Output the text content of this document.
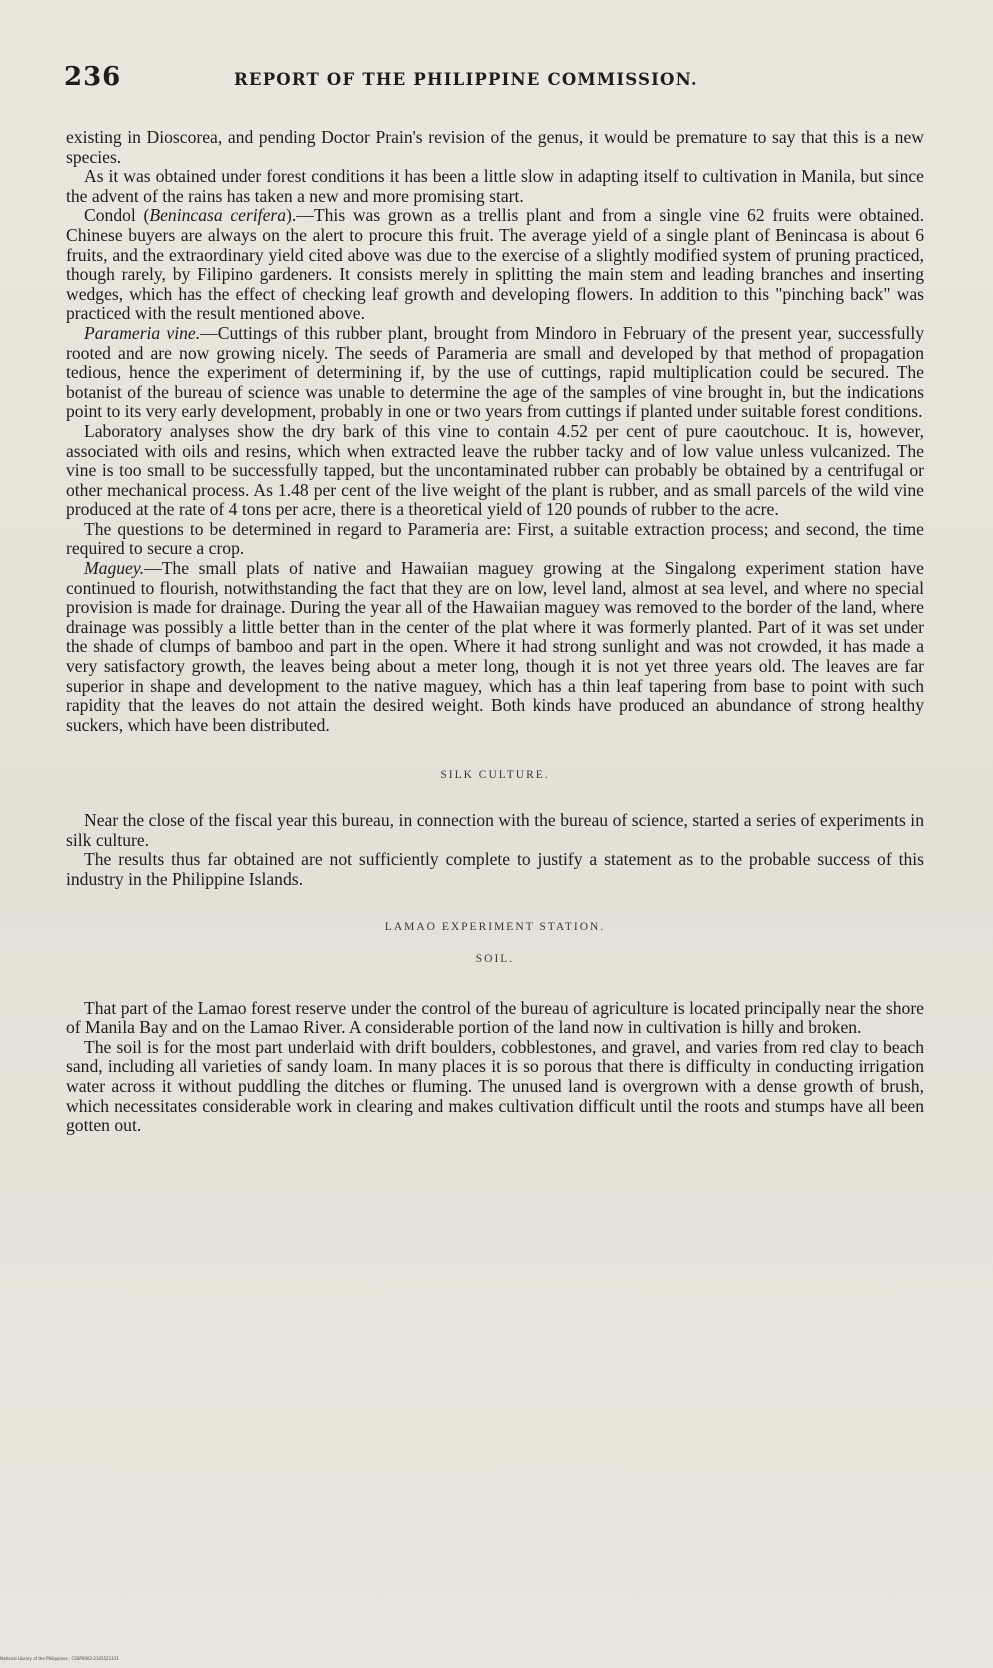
236	REPORT OF THE PHILIPPINE COMMISSION.

existing in Dioscorea, and pending Doctor Prain's revision of the genus, it would be premature to say that this is a new species.

As it was obtained under forest conditions it has been a little slow in adapting itself to cultivation in Manila, but since the advent of the rains has taken a new and more promising start.

Condol (Benincasa cerifera).—This was grown as a trellis plant and from a single vine 62 fruits were obtained. Chinese buyers are always on the alert to procure this fruit. The average yield of a single plant of Benincasa is about 6 fruits, and the extraordinary yield cited above was due to the exercise of a slightly modified system of pruning practiced, though rarely, by Filipino gardeners. It consists merely in splitting the main stem and leading branches and inserting wedges, which has the effect of checking leaf growth and developing flowers. In addition to this "pinching back" was practiced with the result mentioned above.

Parameria vine.—Cuttings of this rubber plant, brought from Mindoro in February of the present year, successfully rooted and are now growing nicely. The seeds of Parameria are small and developed by that method of propagation tedious, hence the experiment of determining if, by the use of cuttings, rapid multiplication could be secured. The botanist of the bureau of science was unable to determine the age of the samples of vine brought in, but the indications point to its very early development, probably in one or two years from cuttings if planted under suitable forest conditions.

Laboratory analyses show the dry bark of this vine to contain 4.52 per cent of pure caoutchouc. It is, however, associated with oils and resins, which when extracted leave the rubber tacky and of low value unless vulcanized. The vine is too small to be successfully tapped, but the uncontaminated rubber can probably be obtained by a centrifugal or other mechanical process. As 1.48 per cent of the live weight of the plant is rubber, and as small parcels of the wild vine produced at the rate of 4 tons per acre, there is a theoretical yield of 120 pounds of rubber to the acre.

The questions to be determined in regard to Parameria are: First, a suitable extraction process; and second, the time required to secure a crop.

Maguey.—The small plats of native and Hawaiian maguey growing at the Singalong experiment station have continued to flourish, notwithstanding the fact that they are on low, level land, almost at sea level, and where no special provision is made for drainage. During the year all of the Hawaiian maguey was removed to the border of the land, where drainage was possibly a little better than in the center of the plat where it was formerly planted. Part of it was set under the shade of clumps of bamboo and part in the open. Where it had strong sunlight and was not crowded, it has made a very satisfactory growth, the leaves being about a meter long, though it is not yet three years old. The leaves are far superior in shape and development to the native maguey, which has a thin leaf tapering from base to point with such rapidity that the leaves do not attain the desired weight. Both kinds have produced an abundance of strong healthy suckers, which have been distributed.

SILK CULTURE.

Near the close of the fiscal year this bureau, in connection with the bureau of science, started a series of experiments in silk culture.

The results thus far obtained are not sufficiently complete to justify a statement as to the probable success of this industry in the Philippine Islands.

LAMAO EXPERIMENT STATION.

SOIL.

That part of the Lamao forest reserve under the control of the bureau of agriculture is located principally near the shore of Manila Bay and on the Lamao River. A considerable portion of the land now in cultivation is hilly and broken.

The soil is for the most part underlaid with drift boulders, cobblestones, and gravel, and varies from red clay to beach sand, including all varieties of sandy loam. In many places it is so porous that there is difficulty in conducting irrigation water across it without puddling the ditches or fluming. The unused land is overgrown with a dense growth of brush, which necessitates considerable work in clearing and makes cultivation difficult until the roots and stumps have all been gotten out.

National Library of the Philippines · CSSP0002-2105521131
